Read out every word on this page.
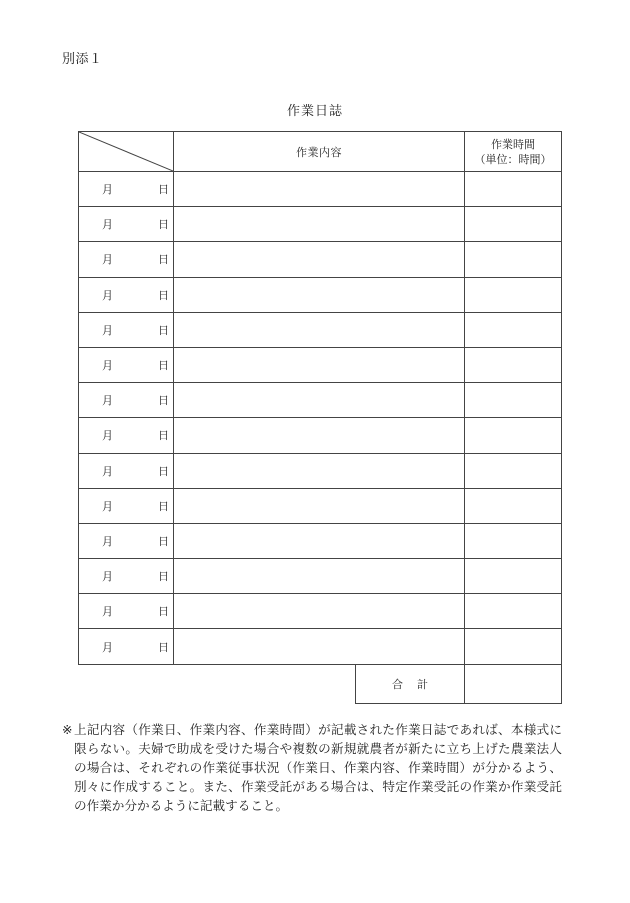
別添１
作業日誌
	作業内容		作業時間
（単位：時間）

月 日			

月 日			

月 日			

月 日			

月 日			

月 日			

月 日			

月 日			

月 日			

月 日			

月 日			

月 日			

月 日			

月 日			

		合計	
※ 上記内容（作業日、作業内容、作業時間）が記載された作業日誌であれば、本様式に限らない。夫婦で助成を受けた場合や複数の新規就農者が新たに立ち上げた農業法人の場合は、それぞれの作業従事状況（作業日、作業内容、作業時間）が分かるよう、別々に作成すること。また、作業受託がある場合は、特定作業受託の作業か作業受託の作業か分かるように記載すること。
